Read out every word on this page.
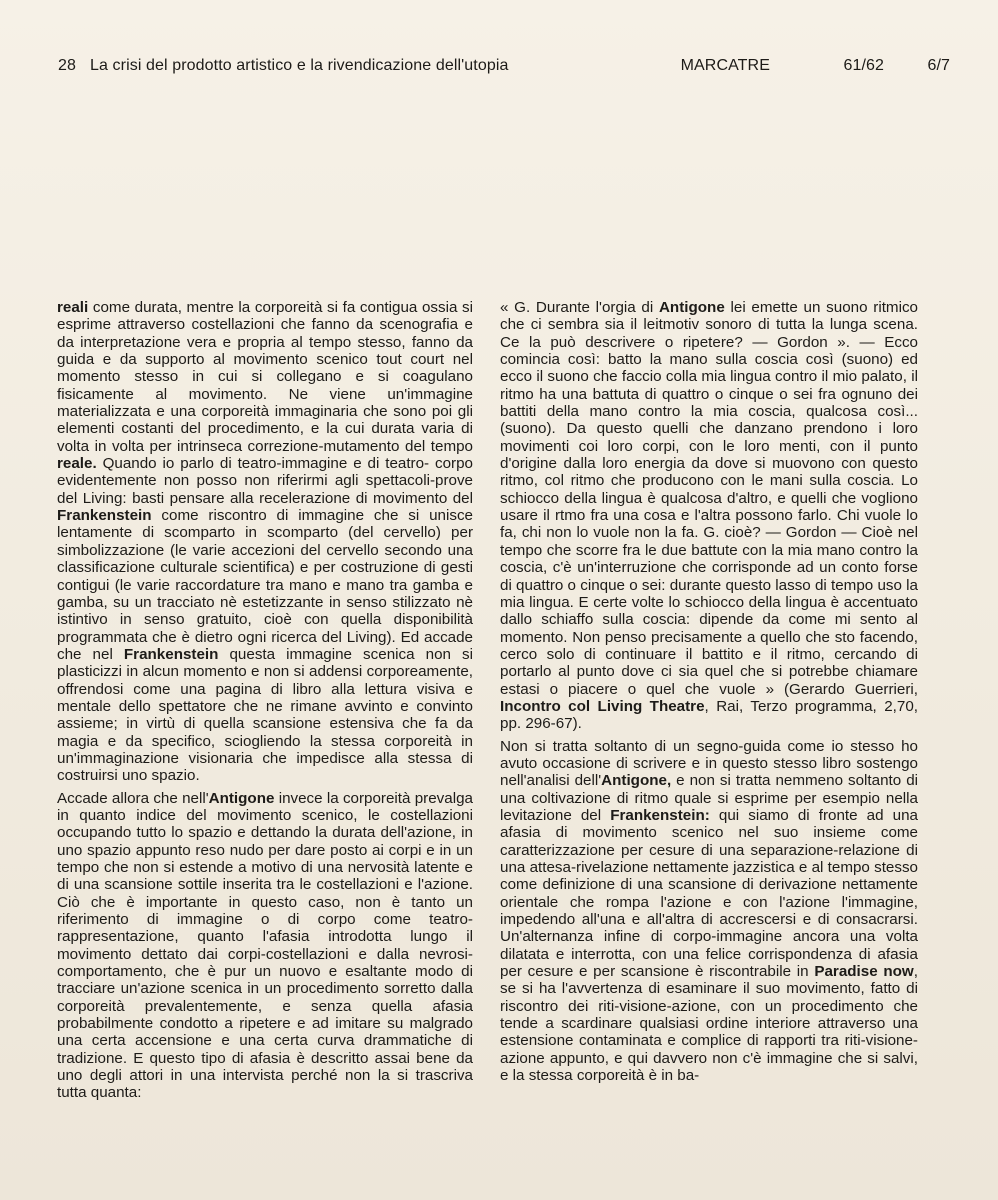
28 La crisi del prodotto artistico e la rivendicazione dell'utopia	MARCATRE	61/62	6/7

reali come durata, mentre la corporeità si fa contigua ossia si esprime attraverso costellazioni che fanno da scenografia e da interpretazione vera e propria al tempo stesso, fanno da guida e da supporto al movimento scenico tout court nel momento stesso in cui si collegano e si coagulano fisicamente al movimento. Ne viene un'immagine materializzata e una corporeità immaginaria che sono poi gli elementi costanti del procedimento, e la cui durata varia di volta in volta per intrinseca correzione-mutamento del tempo reale. Quando io parlo di teatro-immagine e di teatro- corpo evidentemente non posso non riferirmi agli spettacoli-prove del Living: basti pensare alla recelerazione di movimento del Frankenstein come riscontro di immagine che si unisce lentamente di scomparto in scomparto (del cervello) per simbolizzazione (le varie accezioni del cervello secondo una classificazione culturale scientifica) e per costruzione di gesti contigui (le varie raccordature tra mano e mano tra gamba e gamba, su un tracciato nè estetizzante in senso stilizzato nè istintivo in senso gratuito, cioè con quella disponibilità programmata che è dietro ogni ricerca del Living). Ed accade che nel Frankenstein questa immagine scenica non si plasticizzi in alcun momento e non si addensi corporeamente, offrendosi come una pagina di libro alla lettura visiva e mentale dello spettatore che ne rimane avvinto e convinto assieme; in virtù di quella scansione estensiva che fa da magia e da specifico, sciogliendo la stessa corporeità in un'immaginazione visionaria che impedisce alla stessa di costruirsi uno spazio.

Accade allora che nell'Antigone invece la corporeità prevalga in quanto indice del movimento scenico, le costellazioni occupando tutto lo spazio e dettando la durata dell'azione, in uno spazio appunto reso nudo per dare posto ai corpi e in un tempo che non si estende a motivo di una nervosità latente e di una scansione sottile inserita tra le costellazioni e l'azione. Ciò che è importante in questo caso, non è tanto un riferimento di immagine o di corpo come teatro-rappresentazione, quanto l'afasia introdotta lungo il movimento dettato dai corpi-costellazioni e dalla nevrosi-comportamento, che è pur un nuovo e esaltante modo di tracciare un'azione scenica in un procedimento sorretto dalla corporeità prevalentemente, e senza quella afasia probabilmente condotto a ripetere e ad imitare su malgrado una certa accensione e una certa curva drammatiche di tradizione. E questo tipo di afasia è descritto assai bene da uno degli attori in una intervista perché non la si trascriva tutta quanta:

« G. Durante l'orgia di Antigone lei emette un suono ritmico che ci sembra sia il leitmotiv sonoro di tutta la lunga scena. Ce la può descrivere o ripetere? — Gordon ». — Ecco comincia così: batto la mano sulla coscia così (suono) ed ecco il suono che faccio colla mia lingua contro il mio palato, il ritmo ha una battuta di quattro o cinque o sei fra ognuno dei battiti della mano contro la mia coscia, qualcosa così... (suono). Da questo quelli che danzano prendono i loro movimenti coi loro corpi, con le loro menti, con il punto d'origine dalla loro energia da dove si muovono con questo ritmo, col ritmo che producono con le mani sulla coscia. Lo schiocco della lingua è qualcosa d'altro, e quelli che vogliono usare il rtmo fra una cosa e l'altra possono farlo. Chi vuole lo fa, chi non lo vuole non la fa. G. cioè? — Gordon — Cioè nel tempo che scorre fra le due battute con la mia mano contro la coscia, c'è un'interruzione che corrisponde ad un conto forse di quattro o cinque o sei: durante questo lasso di tempo uso la mia lingua. E certe volte lo schiocco della lingua è accentuato dallo schiaffo sulla coscia: dipende da come mi sento al momento. Non penso precisamente a quello che sto facendo, cerco solo di continuare il battito e il ritmo, cercando di portarlo al punto dove ci sia quel che si potrebbe chiamare estasi o piacere o quel che vuole » (Gerardo Guerrieri, Incontro col Living Theatre, Rai, Terzo programma, 2,70, pp. 296-67).

Non si tratta soltanto di un segno-guida come io stesso ho avuto occasione di scrivere e in questo stesso libro sostengo nell'analisi dell'Antigone, e non si tratta nemmeno soltanto di una coltivazione di ritmo quale si esprime per esempio nella levitazione del Frankenstein: qui siamo di fronte ad una afasia di movimento scenico nel suo insieme come caratterizzazione per cesure di una separazione-relazione di una attesa-rivelazione nettamente jazzistica e al tempo stesso come definizione di una scansione di derivazione nettamente orientale che rompa l'azione e con l'azione l'immagine, impedendo all'una e all'altra di accrescersi e di consacrarsi. Un'alternanza infine di corpo-immagine ancora una volta dilatata e interrotta, con una felice corrispondenza di afasia per cesure e per scansione è riscontrabile in Paradise now, se si ha l'avvertenza di esaminare il suo movimento, fatto di riscontro dei riti-visione-azione, con un procedimento che tende a scardinare qualsiasi ordine interiore attraverso una estensione contaminata e complice di rapporti tra riti-visione-azione appunto, e qui davvero non c'è immagine che si salvi, e la stessa corporeità è in ba-
